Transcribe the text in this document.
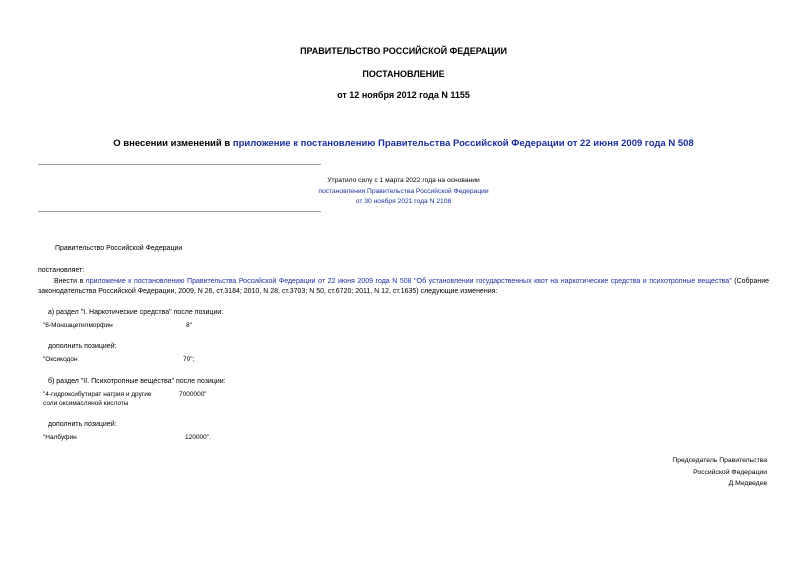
ПРАВИТЕЛЬСТВО РОССИЙСКОЙ ФЕДЕРАЦИИ
ПОСТАНОВЛЕНИЕ
от 12 ноября 2012 года N 1155
О внесении изменений в приложение к постановлению Правительства Российской Федерации от 22 июня 2009 года N 508
Утратило силу с 1 марта 2022 года на основании
постановления Правительства Российской Федерации
от 30 ноября 2021 года N 2108
Правительство Российской Федерации
постановляет:
Внести в приложение к постановлению Правительства Российской Федерации от 22 июня 2009 года N 508 "Об установлении государственных квот на наркотические средства и психотропные вещества" (Собрание законодательства Российской Федерации, 2009, N 26, ст.3184; 2010, N 28, ст.3703; N 50, ст.6720; 2011, N 12, ст.1635) следующие изменения:
а) раздел "I. Наркотические средства" после позиции:
"6-Моноацетилморфин	8"
дополнить позицией:
"Оксикодон	70";
б) раздел "II. Психотропные вещества" после позиции:
"4-гидроксибутират натрия и другие
соли оксимасляной кислоты
7000000"
дополнить позицией:
"Налбуфин	120000".
Председатель Правительства
Российской Федерации
Д.Медведев
